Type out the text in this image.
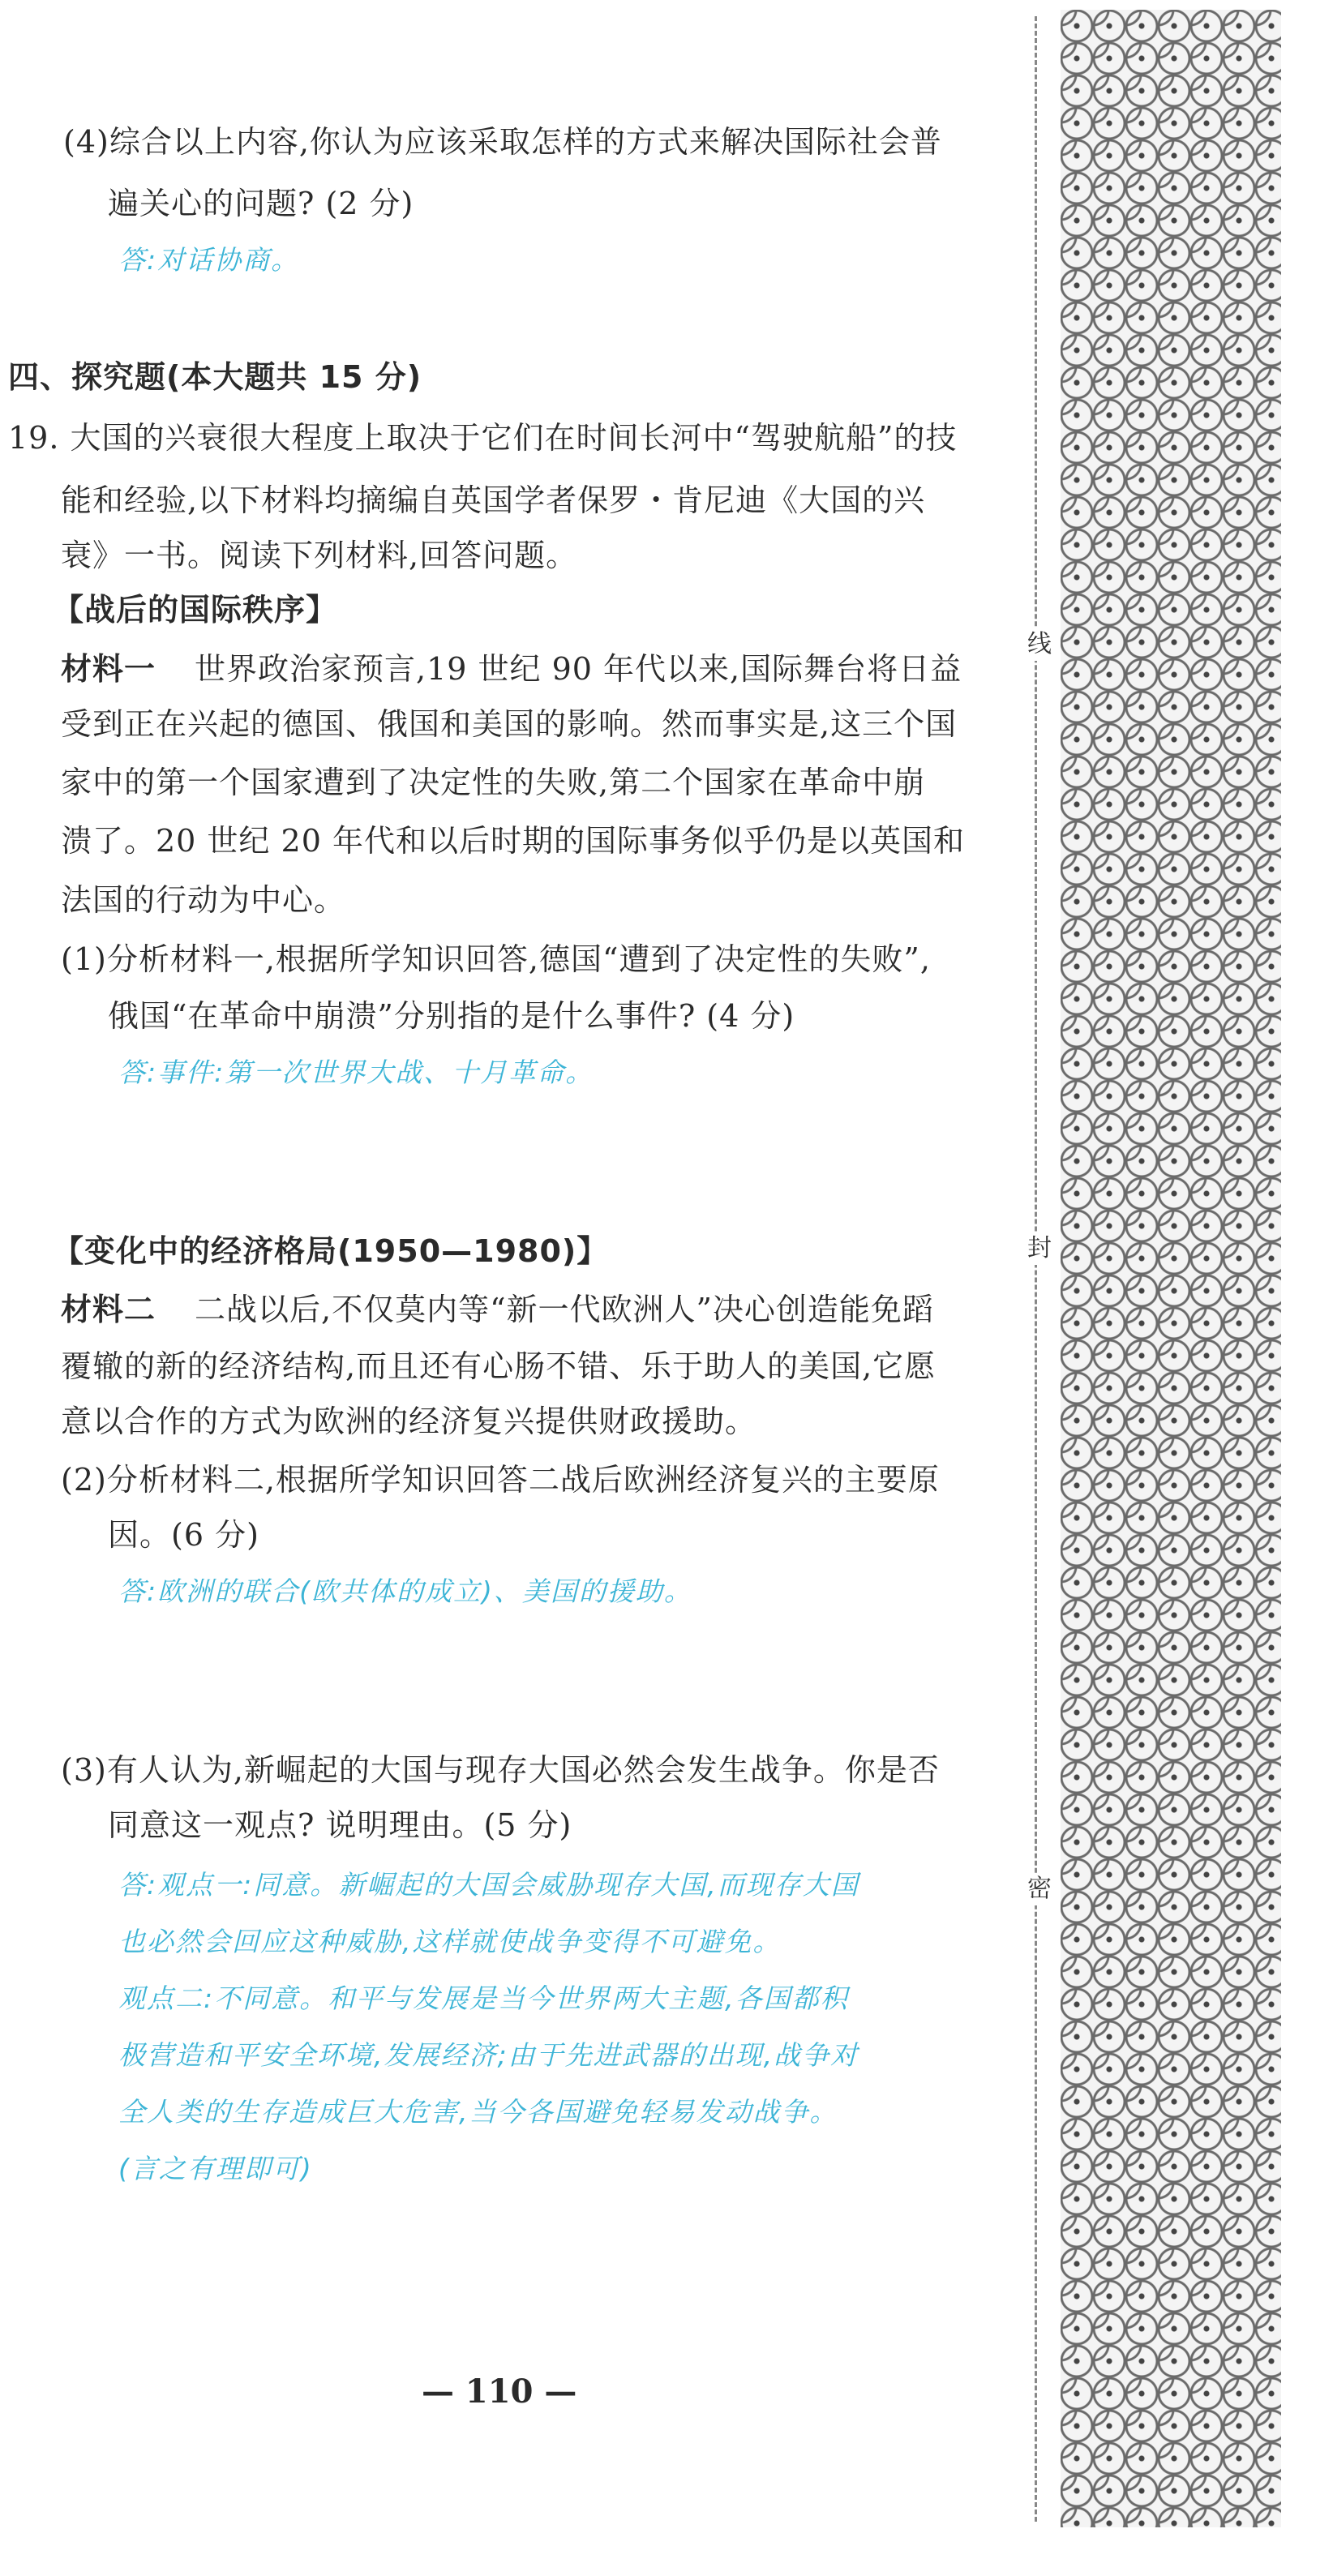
(4)综合以上内容,你认为应该采取怎样的方式来解决国际社会普
遍关心的问题? (2 分)
答:对话协商。
四、探究题(本大题共 15 分)
19. 大国的兴衰很大程度上取决于它们在时间长河中“驾驶航船”的技
能和经验,以下材料均摘编自英国学者保罗・肯尼迪《大国的兴
衰》一书。阅读下列材料,回答问题。
【战后的国际秩序】
材料一 世界政治家预言,19 世纪 90 年代以来,国际舞台将日益
受到正在兴起的德国、俄国和美国的影响。然而事实是,这三个国
家中的第一个国家遭到了决定性的失败,第二个国家在革命中崩
溃了。20 世纪 20 年代和以后时期的国际事务似乎仍是以英国和
法国的行动为中心。
(1)分析材料一,根据所学知识回答,德国“遭到了决定性的失败”,
俄国“在革命中崩溃”分别指的是什么事件? (4 分)
答:事件:第一次世界大战、十月革命。
【变化中的经济格局(1950—1980)】
材料二 二战以后,不仅莫内等“新一代欧洲人”决心创造能免蹈
覆辙的新的经济结构,而且还有心肠不错、乐于助人的美国,它愿
意以合作的方式为欧洲的经济复兴提供财政援助。
(2)分析材料二,根据所学知识回答二战后欧洲经济复兴的主要原
因。(6 分)
答:欧洲的联合(欧共体的成立)、美国的援助。
(3)有人认为,新崛起的大国与现存大国必然会发生战争。你是否
同意这一观点? 说明理由。(5 分)
答:观点一:同意。新崛起的大国会威胁现存大国,而现存大国
也必然会回应这种威胁,这样就使战争变得不可避免。
观点二:不同意。和平与发展是当今世界两大主题,各国都积
极营造和平安全环境,发展经济;由于先进武器的出现,战争对
全人类的生存造成巨大危害,当今各国避免轻易发动战争。
(言之有理即可)
— 110 —
线
封
密
